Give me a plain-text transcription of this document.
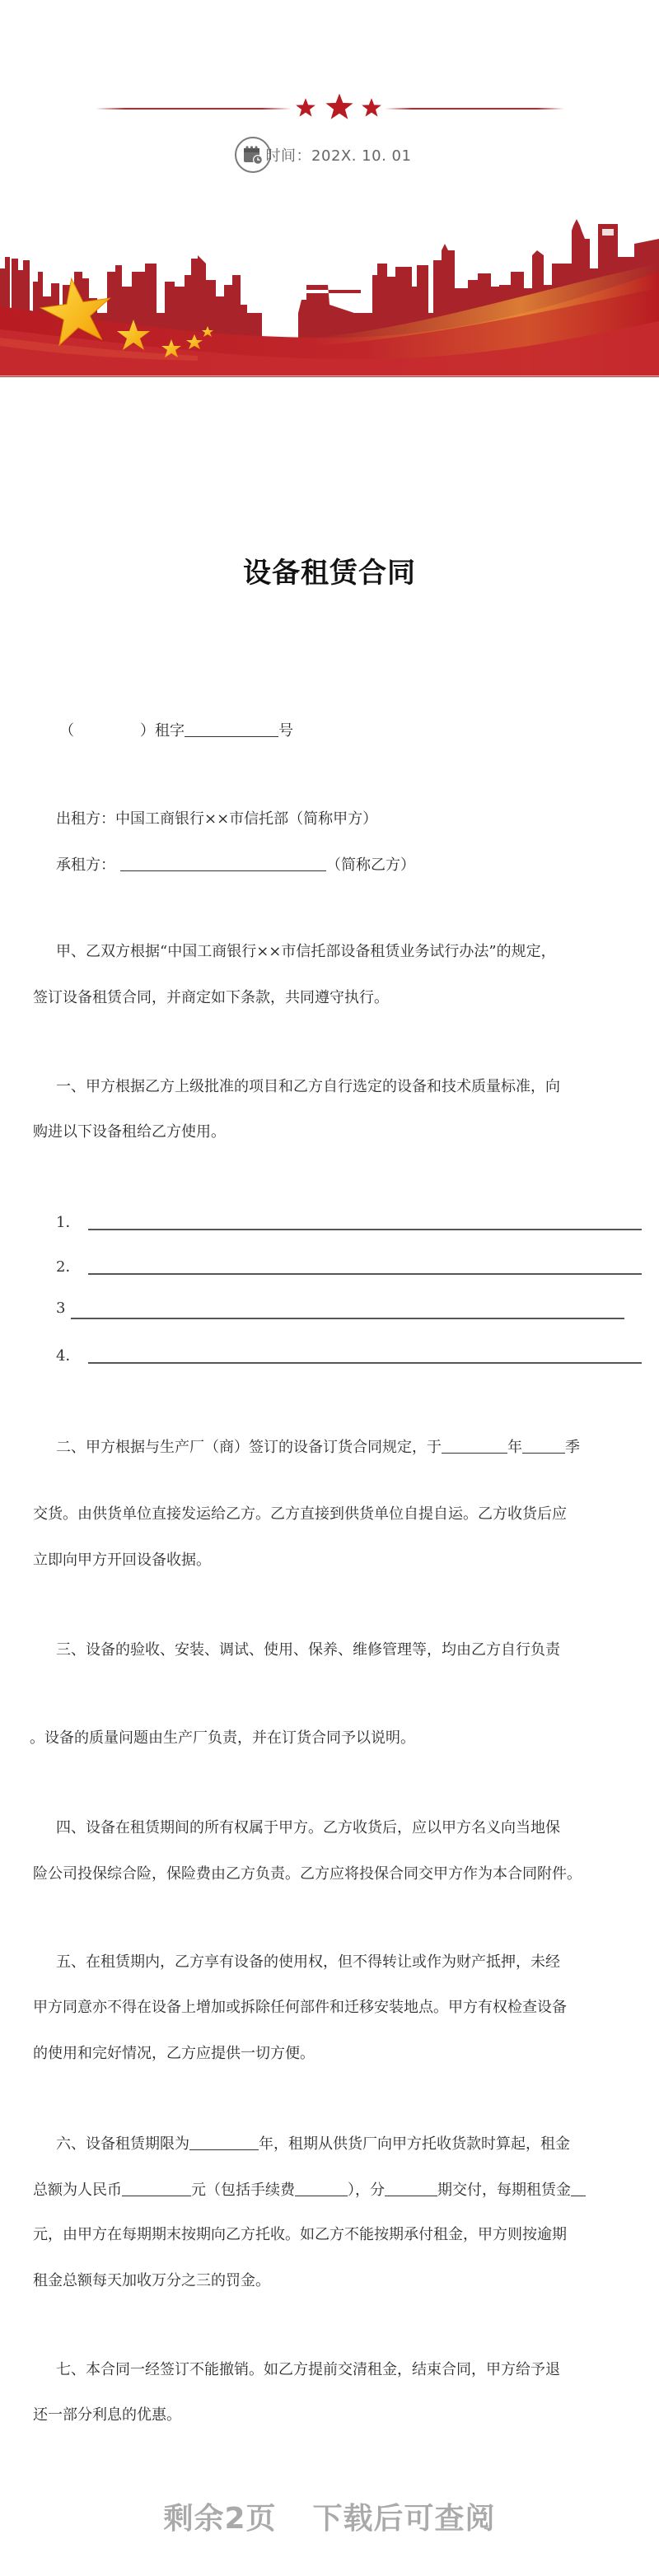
时间：202X. 10. 01
设备租赁合同
（	）租字	号
出租方：中国工商银行××市信托部（简称甲方）
承租方：	（简称乙方）
甲、乙双方根据“中国工商银行××市信托部设备租赁业务试行办法”的规定，
签订设备租赁合同，并商定如下条款，共同遵守执行。
一、甲方根据乙方上级批准的项目和乙方自行选定的设备和技术质量标准，向
购进以下设备租给乙方使用。
1．
2．
3
4．
二、甲方根据与生产厂（商）签订的设备订货合同规定，于	年	季
交货。由供货单位直接发运给乙方。乙方直接到供货单位自提自运。乙方收货后应
立即向甲方开回设备收据。
三、设备的验收、安装、调试、使用、保养、维修管理等，均由乙方自行负责
。设备的质量问题由生产厂负责，并在订货合同予以说明。
四、设备在租赁期间的所有权属于甲方。乙方收货后，应以甲方名义向当地保
险公司投保综合险，保险费由乙方负责。乙方应将投保合同交甲方作为本合同附件。
五、在租赁期内，乙方享有设备的使用权，但不得转让或作为财产抵押，未经
甲方同意亦不得在设备上增加或拆除任何部件和迁移安装地点。甲方有权检查设备
的使用和完好情况，乙方应提供一切方便。
六、设备租赁期限为	年，租期从供货厂向甲方托收货款时算起，租金
总额为人民币	元（包括手续费	），分	期交付，每期租赁金
元，由甲方在每期期末按期向乙方托收。如乙方不能按期承付租金，甲方则按逾期
租金总额每天加收万分之三的罚金。
七、本合同一经签订不能撤销。如乙方提前交清租金，结束合同，甲方给予退
还一部分利息的优惠。
剩余2页 下载后可查阅
